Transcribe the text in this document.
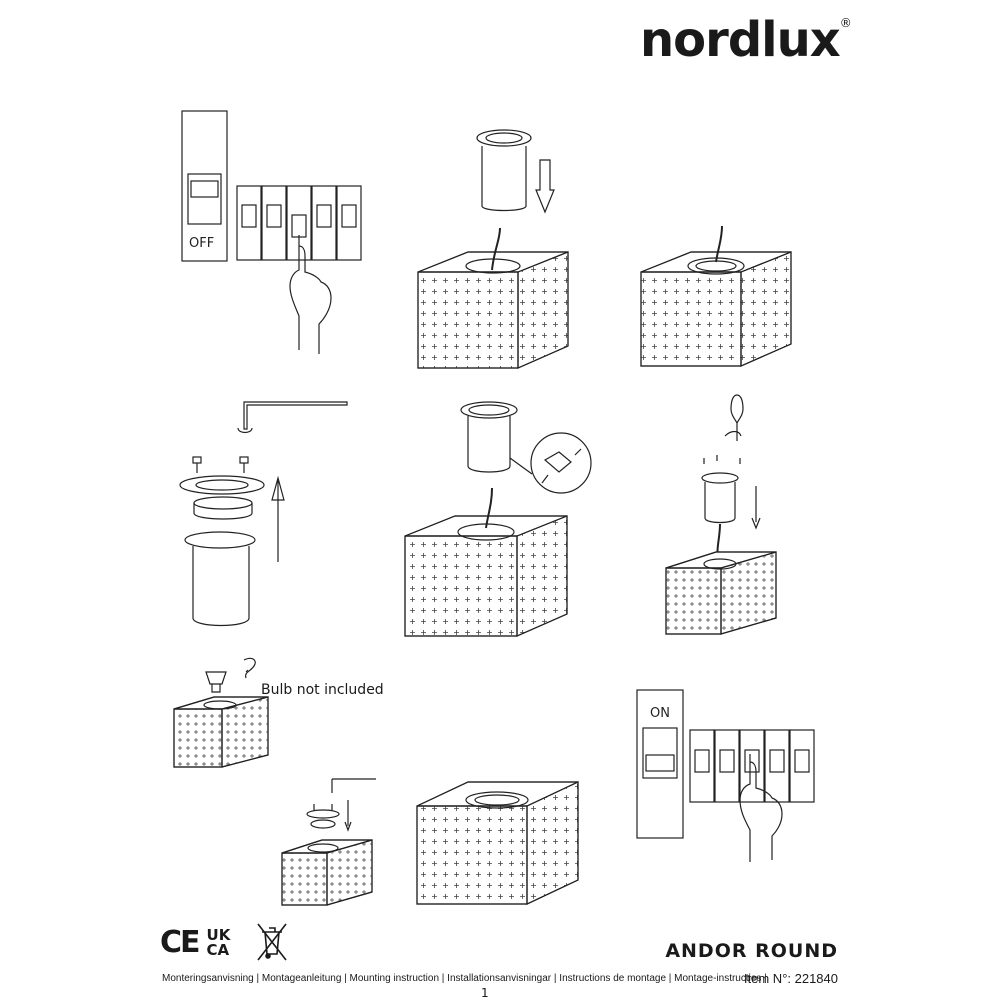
nordlux®
OFF
ON
Bulb not included
CE UK
CA	ANDOR ROUND
Monteringsanvisning | Montageanleitung | Mounting instruction | Installationsanvisningar | Instructions de montage | Montage-instructies |
Item N°: 221840
1
